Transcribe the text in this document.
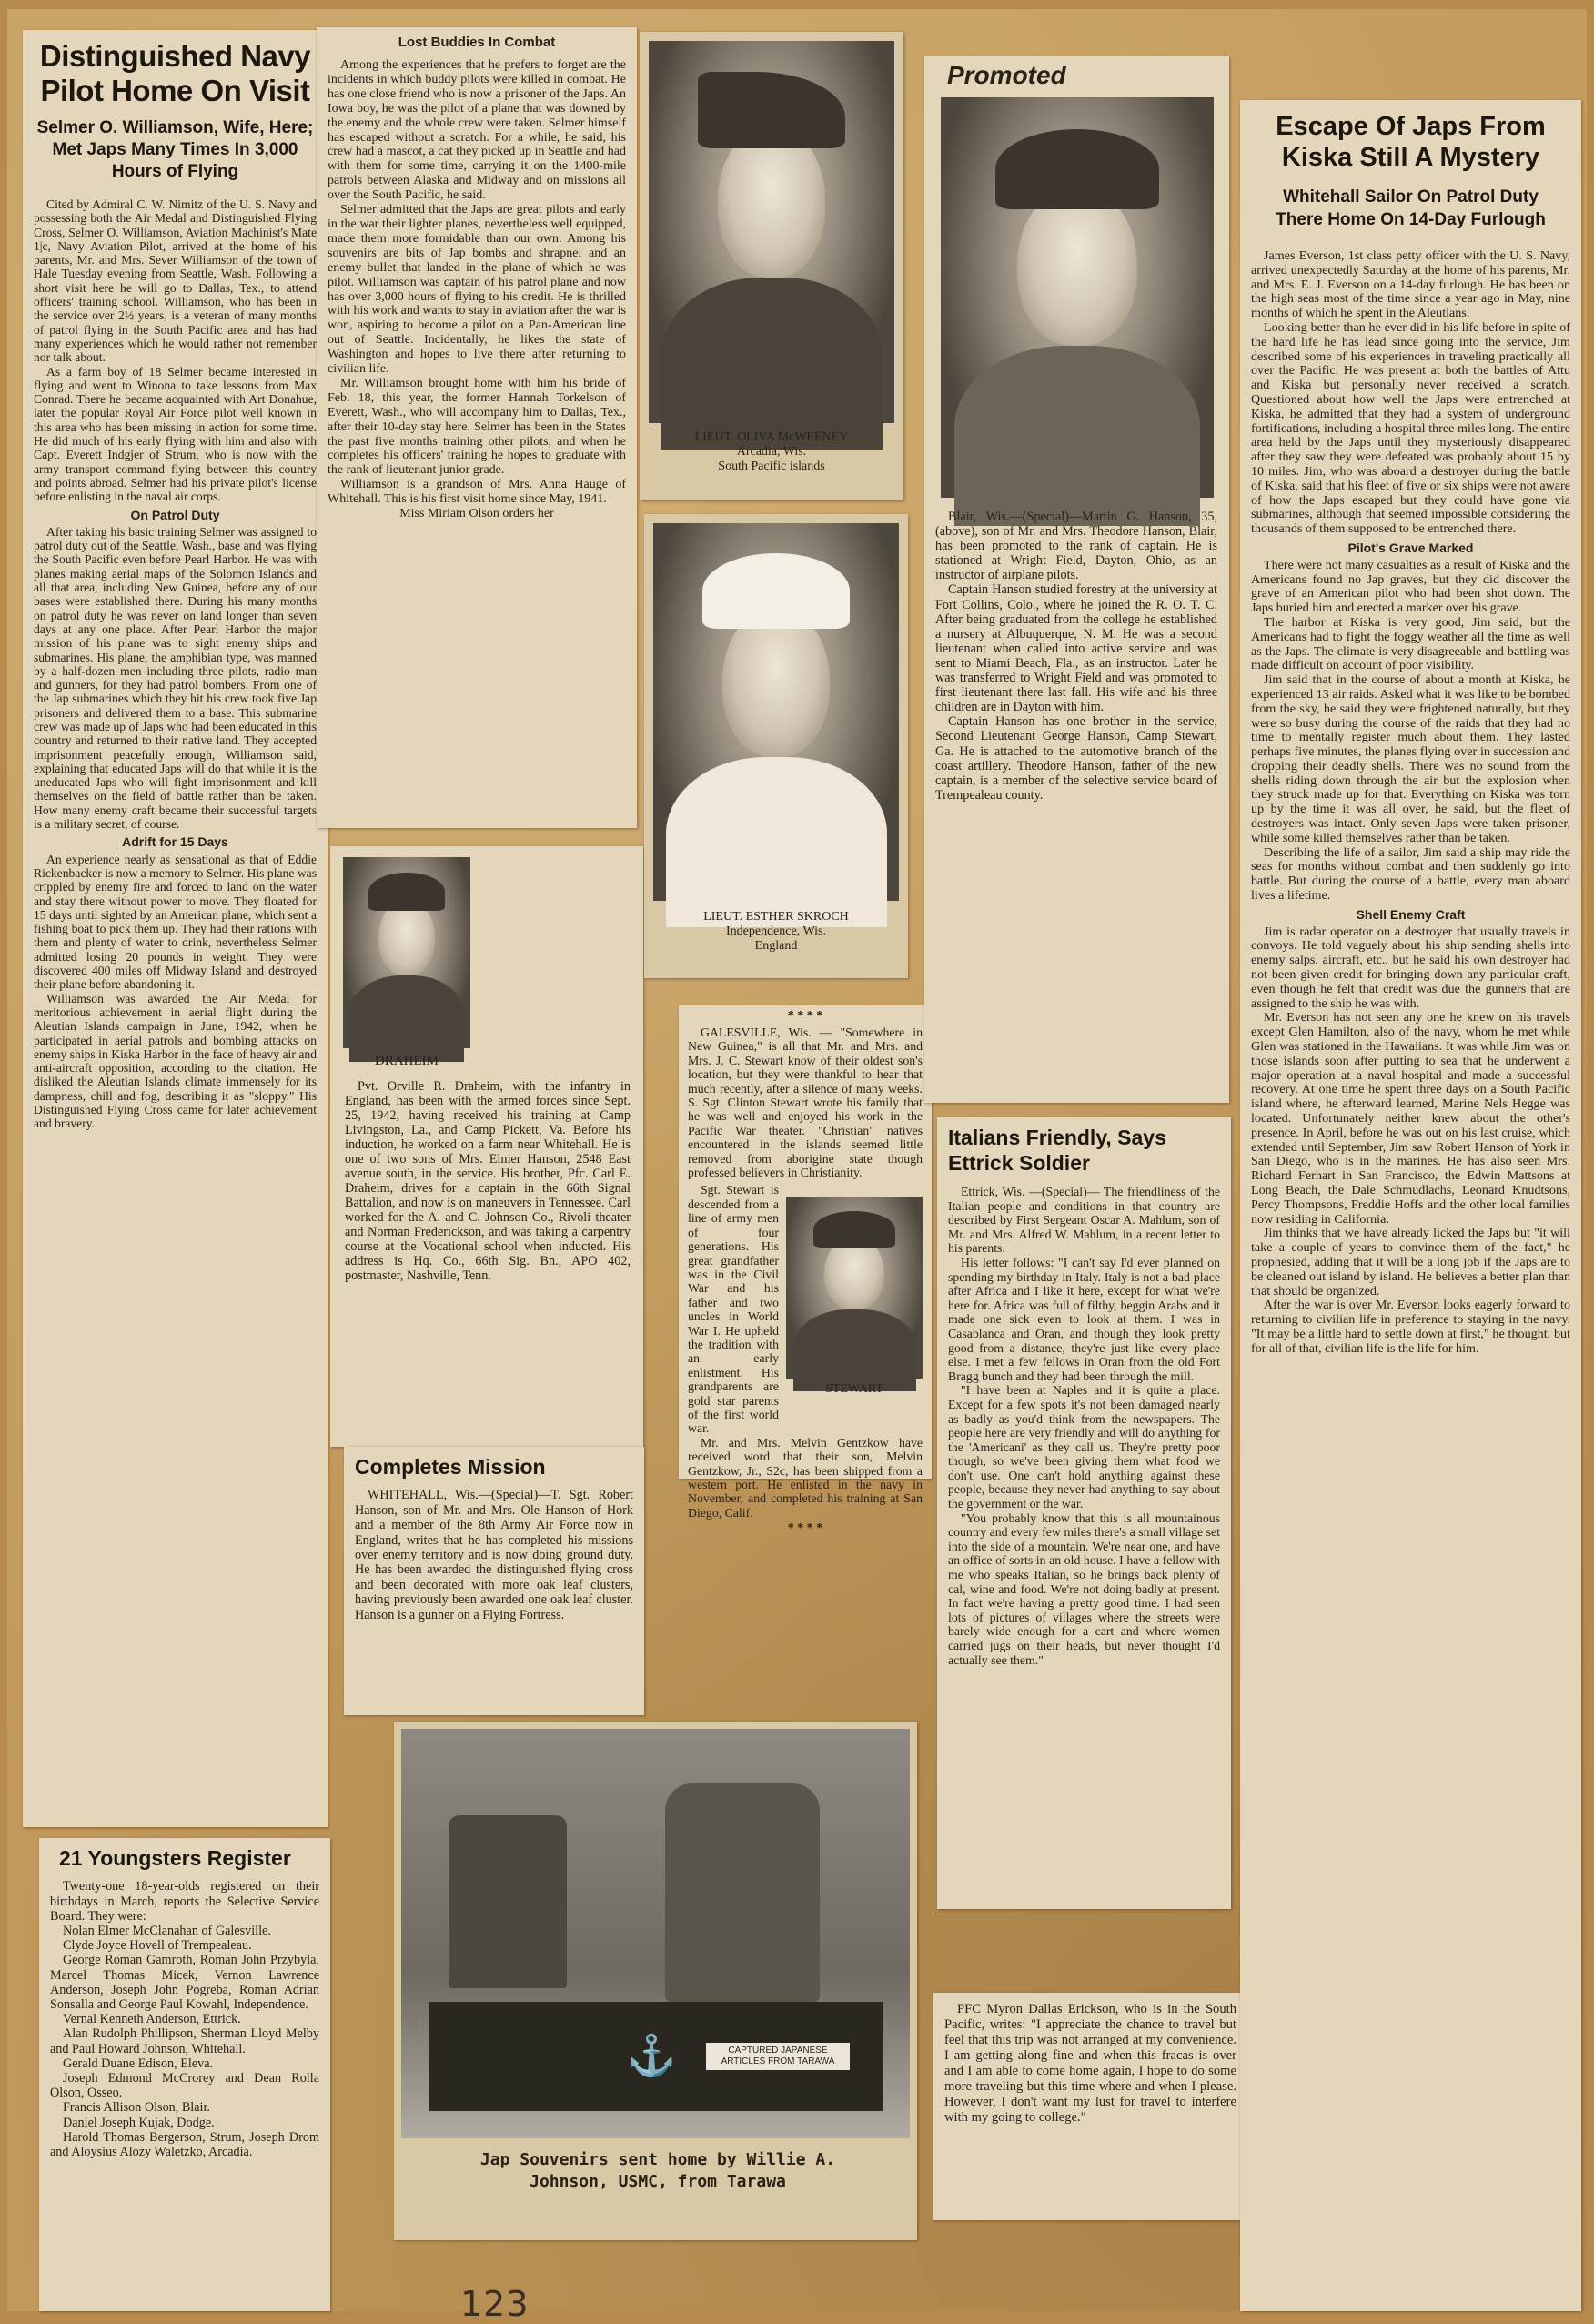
Distinguished Navy Pilot Home On Visit
Selmer O. Williamson, Wife, Here; Met Japs Many Times In 3,000 Hours of Flying

Cited by Admiral C. W. Nimitz of the U. S. Navy and possessing both the Air Medal and Distinguished Flying Cross, Selmer O. Williamson, Aviation Machinist's Mate 1|c, Navy Aviation Pilot, arrived at the home of his parents, Mr. and Mrs. Sever Williamson of the town of Hale Tuesday evening from Seattle, Wash. Following a short visit here he will go to Dallas, Tex., to attend officers' training school. Williamson, who has been in the service over 2½ years, is a veteran of many months of patrol flying in the South Pacific area and has had many experiences which he would rather not remember nor talk about.

As a farm boy of 18 Selmer became interested in flying and went to Winona to take lessons from Max Conrad. There he became acquainted with Art Donahue, later the popular Royal Air Force pilot well known in this area who has been missing in action for some time. He did much of his early flying with him and also with Capt. Everett Indgjer of Strum, who is now with the army transport command flying between this country and points abroad. Selmer had his private pilot's license before enlisting in the naval air corps.

On Patrol Duty

After taking his basic training Selmer was assigned to patrol duty out of the Seattle, Wash., base and was flying the South Pacific even before Pearl Harbor. He was with planes making aerial maps of the Solomon Islands and all that area, including New Guinea, before any of our bases were established there. During his many months on patrol duty he was never on land longer than seven days at any one place. After Pearl Harbor the major mission of his plane was to sight enemy ships and submarines. His plane, the amphibian type, was manned by a half-dozen men including three pilots, radio man and gunners, for they had patrol bombers. From one of the Jap submarines which they hit his crew took five Jap prisoners and delivered them to a base. This submarine crew was made up of Japs who had been educated in this country and returned to their native land. They accepted imprisonment peacefully enough, Williamson said, explaining that educated Japs will do that while it is the uneducated Japs who will fight imprisonment and kill themselves on the field of battle rather than be taken. How many enemy craft became their successful targets is a military secret, of course.

Adrift for 15 Days

An experience nearly as sensational as that of Eddie Rickenbacker is now a memory to Selmer. His plane was crippled by enemy fire and forced to land on the water and stay there without power to move. They floated for 15 days until sighted by an American plane, which sent a fishing boat to pick them up. They had their rations with them and plenty of water to drink, nevertheless Selmer admitted losing 20 pounds in weight. They were discovered 400 miles off Midway Island and destroyed their plane before abandoning it.

Williamson was awarded the Air Medal for meritorious achievement in aerial flight during the Aleutian Islands campaign in June, 1942, when he participated in aerial patrols and bombing attacks on enemy ships in Kiska Harbor in the face of heavy air and anti-aircraft opposition, according to the citation. He disliked the Aleutian Islands climate immensely for its dampness, chill and fog, describing it as "sloppy." His Distinguished Flying Cross came for later achievement and bravery.

Lost Buddies In Combat

Among the experiences that he prefers to forget are the incidents in which buddy pilots were killed in combat. He has one close friend who is now a prisoner of the Japs. An Iowa boy, he was the pilot of a plane that was downed by the enemy and the whole crew were taken. Selmer himself has escaped without a scratch. For a while, he said, his crew had a mascot, a cat they picked up in Seattle and had with them for some time, carrying it on the 1400-mile patrols between Alaska and Midway and on missions all over the South Pacific, he said.

Selmer admitted that the Japs are great pilots and early in the war their lighter planes, nevertheless well equipped, made them more formidable than our own. Among his souvenirs are bits of Jap bombs and shrapnel and an enemy bullet that landed in the plane of which he was pilot. Williamson was captain of his patrol plane and now has over 3,000 hours of flying to his credit. He is thrilled with his work and wants to stay in aviation after the war is won, aspiring to become a pilot on a Pan-American line out of Seattle. Incidentally, he likes the state of Washington and hopes to live there after returning to civilian life.

Mr. Williamson brought home with him his bride of Feb. 18, this year, the former Hannah Torkelson of Everett, Wash., who will accompany him to Dallas, Tex., after their 10-day stay here. Selmer has been in the States the past five months training other pilots, and when he completes his officers' training he hopes to graduate with the rank of lieutenant junior grade.

Williamson is a grandson of Mrs. Anna Hauge of Whitehall. This is his first visit home since May, 1941.

Miss Miriam Olson orders her

DRAHEIM
Pvt. Orville R. Draheim, with the infantry in England, has been with the armed forces since Sept. 25, 1942, having received his training at Camp Livingston, La., and Camp Pickett, Va. Before his induction, he worked on a farm near Whitehall. He is one of two sons of Mrs. Elmer Hanson, 2548 East avenue south, in the service. His brother, Pfc. Carl E. Draheim, drives for a captain in the 66th Signal Battalion, and now is on maneuvers in Tennessee. Carl worked for the A. and C. Johnson Co., Rivoli theater and Norman Frederickson, and was taking a carpentry course at the Vocational school when inducted. His address is Hq. Co., 66th Sig. Bn., APO 402, postmaster, Nashville, Tenn.
Completes Mission
WHITEHALL, Wis.—(Special)—T. Sgt. Robert Hanson, son of Mr. and Mrs. Ole Hanson of Hork and a member of the 8th Army Air Force now in England, writes that he has completed his missions over enemy territory and is now doing ground duty. He has been awarded the distinguished flying cross and been decorated with more oak leaf clusters, having previously been awarded one oak leaf cluster. Hanson is a gunner on a Flying Fortress.
21 Youngsters Register

Twenty-one 18-year-olds registered on their birthdays in March, reports the Selective Service Board. They were:

Nolan Elmer McClanahan of Galesville.

Clyde Joyce Hovell of Trempealeau.

George Roman Gamroth, Roman John Przybyla, Marcel Thomas Micek, Vernon Lawrence Anderson, Joseph John Pogreba, Roman Adrian Sonsalla and George Paul Kowahl, Independence.

Vernal Kenneth Anderson, Ettrick.

Alan Rudolph Phillipson, Sherman Lloyd Melby and Paul Howard Johnson, Whitehall.

Gerald Duane Edison, Eleva.

Joseph Edmond McCrorey and Dean Rolla Olson, Osseo.

Francis Allison Olson, Blair.

Daniel Joseph Kujak, Dodge.

Harold Thomas Bergerson, Strum, Joseph Drom and Aloysius Alozy Waletzko, Arcadia.

LIEUT. OLIVA McWEENEY
Arcadia, Wis.
South Pacific islands
LIEUT. ESTHER SKROCH
Independence, Wis.
England
* * * *

GALESVILLE, Wis. — "Somewhere in New Guinea," is all that Mr. and Mrs. and Mrs. J. C. Stewart know of their oldest son's location, but they were thankful to hear that much recently, after a silence of many weeks. S. Sgt. Clinton Stewart wrote his family that he was well and enjoyed his work in the Pacific War theater. "Christian" natives encountered in the islands seemed little removed from aborigine state though professed believers in Christianity.

STEWART

Sgt. Stewart is descended from a line of army men of four generations. His great grandfather was in the Civil War and his father and two uncles in World War I. He upheld the tradition with an early enlistment. His grandparents are gold star parents of the first world war.

Mr. and Mrs. Melvin Gentzkow have received word that their son, Melvin Gentzkow, Jr., S2c, has been shipped from a western port. He enlisted in the navy in November, and completed his training at San Diego, Calif.

* * * *
⚓	CAPTURED JAPANESE ARTICLES FROM TARAWA
Jap Souvenirs sent home by Willie A. Johnson, USMC, from Tarawa
Promoted

Blair, Wis.—(Special)—Martin G. Hanson, 35, (above), son of Mr. and Mrs. Theodore Hanson, Blair, has been promoted to the rank of captain. He is stationed at Wright Field, Dayton, Ohio, as an instructor of airplane pilots.

Captain Hanson studied forestry at the university at Fort Collins, Colo., where he joined the R. O. T. C. After being graduated from the college he established a nursery at Albuquerque, N. M. He was a second lieutenant when called into active service and was sent to Miami Beach, Fla., as an instructor. Later he was transferred to Wright Field and was promoted to first lieutenant there last fall. His wife and his three children are in Dayton with him.

Captain Hanson has one brother in the service, Second Lieutenant George Hanson, Camp Stewart, Ga. He is attached to the automotive branch of the coast artillery. Theodore Hanson, father of the new captain, is a member of the selective service board of Trempealeau county.

Italians Friendly, Says Ettrick Soldier

Ettrick, Wis. —(Special)— The friendliness of the Italian people and conditions in that country are described by First Sergeant Oscar A. Mahlum, son of Mr. and Mrs. Alfred W. Mahlum, in a recent letter to his parents.

His letter follows: "I can't say I'd ever planned on spending my birthday in Italy. Italy is not a bad place after Africa and I like it here, except for what we're here for. Africa was full of filthy, beggin Arabs and it made one sick even to look at them. I was in Casablanca and Oran, and though they look pretty good from a distance, they're just like every place else. I met a few fellows in Oran from the old Fort Bragg bunch and they had been through the mill.

"I have been at Naples and it is quite a place. Except for a few spots it's not been damaged nearly as badly as you'd think from the newspapers. The people here are very friendly and will do anything for the 'Americani' as they call us. They're pretty poor though, so we've been giving them what food we don't use. One can't hold anything against these people, because they never had anything to say about the government or the war.

"You probably know that this is all mountainous country and every few miles there's a small village set into the side of a mountain. We're near one, and have an office of sorts in an old house. I have a fellow with me who speaks Italian, so he brings back plenty of cal, wine and food. We're not doing badly at present. In fact we're having a pretty good time. I had seen lots of pictures of villages where the streets were barely wide enough for a cart and where women carried jugs on their heads, but never thought I'd actually see them."

PFC Myron Dallas Erickson, who is in the South Pacific, writes: "I appreciate the chance to travel but feel that this trip was not arranged at my convenience. I am getting along fine and when this fracas is over and I am able to come home again, I hope to do some more traveling but this time where and when I please. However, I don't want my lust for travel to interfere with my going to college."
Escape Of Japs From Kiska Still A Mystery
Whitehall Sailor On Patrol Duty There Home On 14-Day Furlough

James Everson, 1st class petty officer with the U. S. Navy, arrived unexpectedly Saturday at the home of his parents, Mr. and Mrs. E. J. Everson on a 14-day furlough. He has been on the high seas most of the time since a year ago in May, nine months of which he spent in the Aleutians.

Looking better than he ever did in his life before in spite of the hard life he has lead since going into the service, Jim described some of his experiences in traveling practically all over the Pacific. He was present at both the battles of Attu and Kiska but personally never received a scratch. Questioned about how well the Japs were entrenched at Kiska, he admitted that they had a system of underground fortifications, including a hospital three miles long. The entire area held by the Japs until they mysteriously disappeared after they saw they were defeated was probably about 15 by 10 miles. Jim, who was aboard a destroyer during the battle of Kiska, said that his fleet of five or six ships were not aware of how the Japs escaped but they could have gone via submarines, although that seemed impossible considering the thousands of them supposed to be entrenched there.

Pilot's Grave Marked

There were not many casualties as a result of Kiska and the Americans found no Jap graves, but they did discover the grave of an American pilot who had been shot down. The Japs buried him and erected a marker over his grave.

The harbor at Kiska is very good, Jim said, but the Americans had to fight the foggy weather all the time as well as the Japs. The climate is very disagreeable and battling was made difficult on account of poor visibility.

Jim said that in the course of about a month at Kiska, he experienced 13 air raids. Asked what it was like to be bombed from the sky, he said they were frightened naturally, but they were so busy during the course of the raids that they had no time to mentally register much about them. They lasted perhaps five minutes, the planes flying over in succession and dropping their deadly shells. There was no sound from the shells riding down through the air but the explosion when they struck made up for that. Everything on Kiska was torn up by the time it was all over, he said, but the fleet of destroyers was intact. Only seven Japs were taken prisoner, while some killed themselves rather than be taken.

Describing the life of a sailor, Jim said a ship may ride the seas for months without combat and then suddenly go into battle. But during the course of a battle, every man aboard lives a lifetime.

Shell Enemy Craft

Jim is radar operator on a destroyer that usually travels in convoys. He told vaguely about his ship sending shells into enemy salps, aircraft, etc., but he said his own destroyer had not been given credit for bringing down any particular craft, even though he felt that credit was due the gunners that are assigned to the ship he was with.

Mr. Everson has not seen any one he knew on his travels except Glen Hamilton, also of the navy, whom he met while Glen was stationed in the Hawaiians. It was while Jim was on those islands soon after putting to sea that he underwent a major operation at a naval hospital and made a successful recovery. At one time he spent three days on a South Pacific island where, he afterward learned, Marine Nels Hegge was located. Unfortunately neither knew about the other's presence. In April, before he was out on his last cruise, which extended until September, Jim saw Robert Hanson of York in San Diego, who is in the marines. He has also seen Mrs. Richard Ferhart in San Francisco, the Edwin Mattsons at Long Beach, the Dale Schmudlachs, Leonard Knudtsons, Percy Thompsons, Freddie Hoffs and the other local families now residing in California.

Jim thinks that we have already licked the Japs but "it will take a couple of years to convince them of the fact," he prophesied, adding that it will be a long job if the Japs are to be cleaned out island by island. He believes a better plan than that should be organized.

After the war is over Mr. Everson looks eagerly forward to returning to civilian life in preference to staying in the navy. "It may be a little hard to settle down at first," he thought, but for all of that, civilian life is the life for him.

123
